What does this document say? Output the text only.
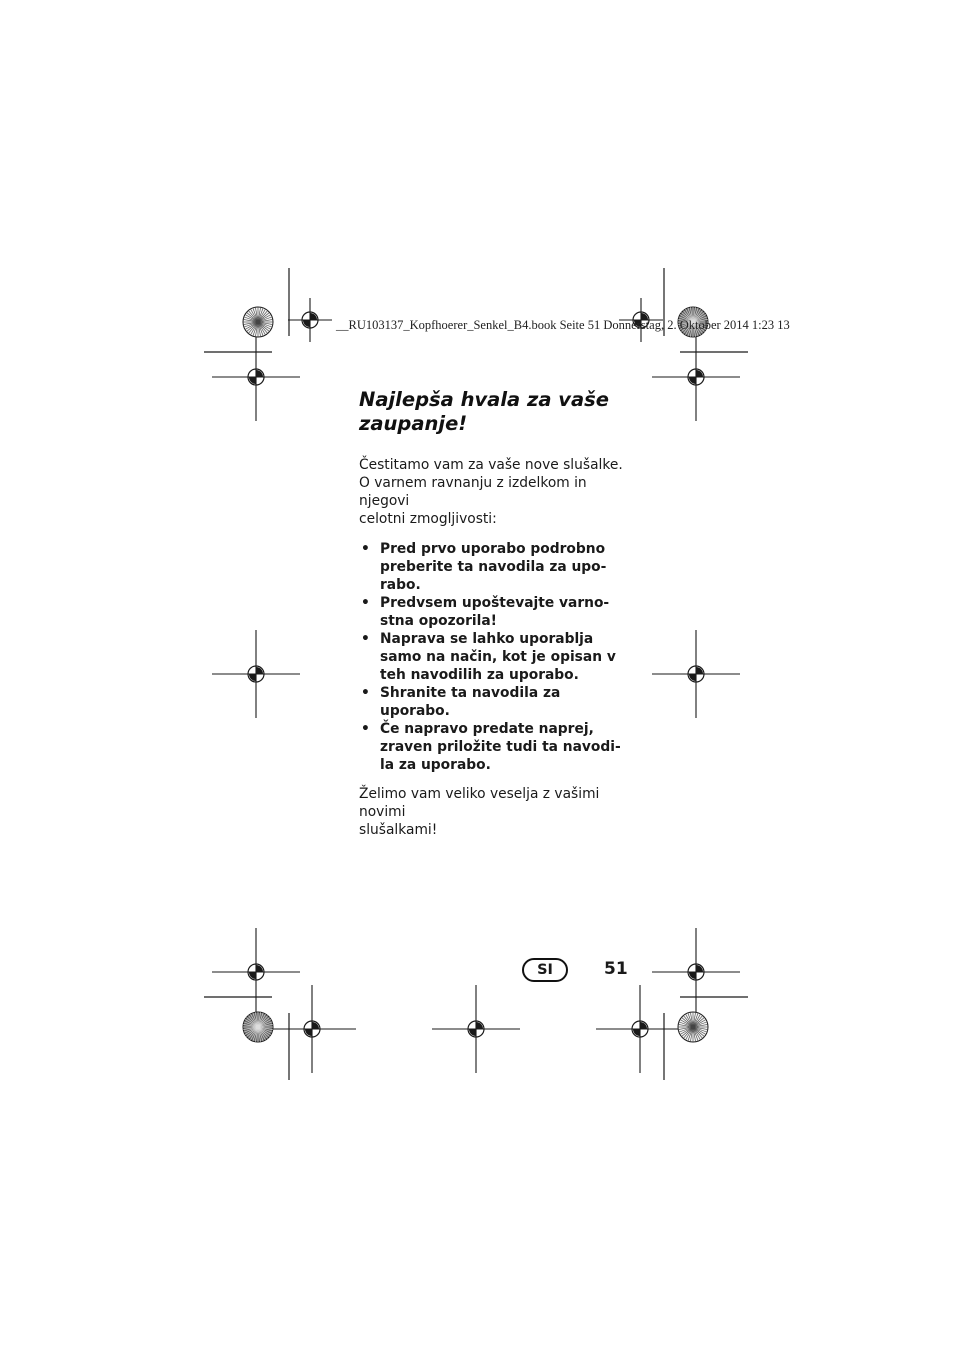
__RU103137_Kopfhoerer_Senkel_B4.book Seite 51 Donnerstag, 2. Oktober 2014 1:23 13
Najlepša hvala za vaše
zaupanje!

Čestitamo vam za vaše nove slušalke.
O varnem ravnanju z izdelkom in njegovi
celotni zmogljivosti:

• Pred prvo uporabo podrobno
preberite ta navodila za upo-
rabo.
• Predvsem upoštevajte varno-
stna opozorila!
• Naprava se lahko uporablja
samo na način, kot je opisan v
teh navodilih za uporabo.
• Shranite ta navodila za uporabo.
• Če napravo predate naprej,
zraven priložite tudi ta navodi-
la za uporabo.

Želimo vam veliko veselja z vašimi novimi
slušalkami!

SI	51
